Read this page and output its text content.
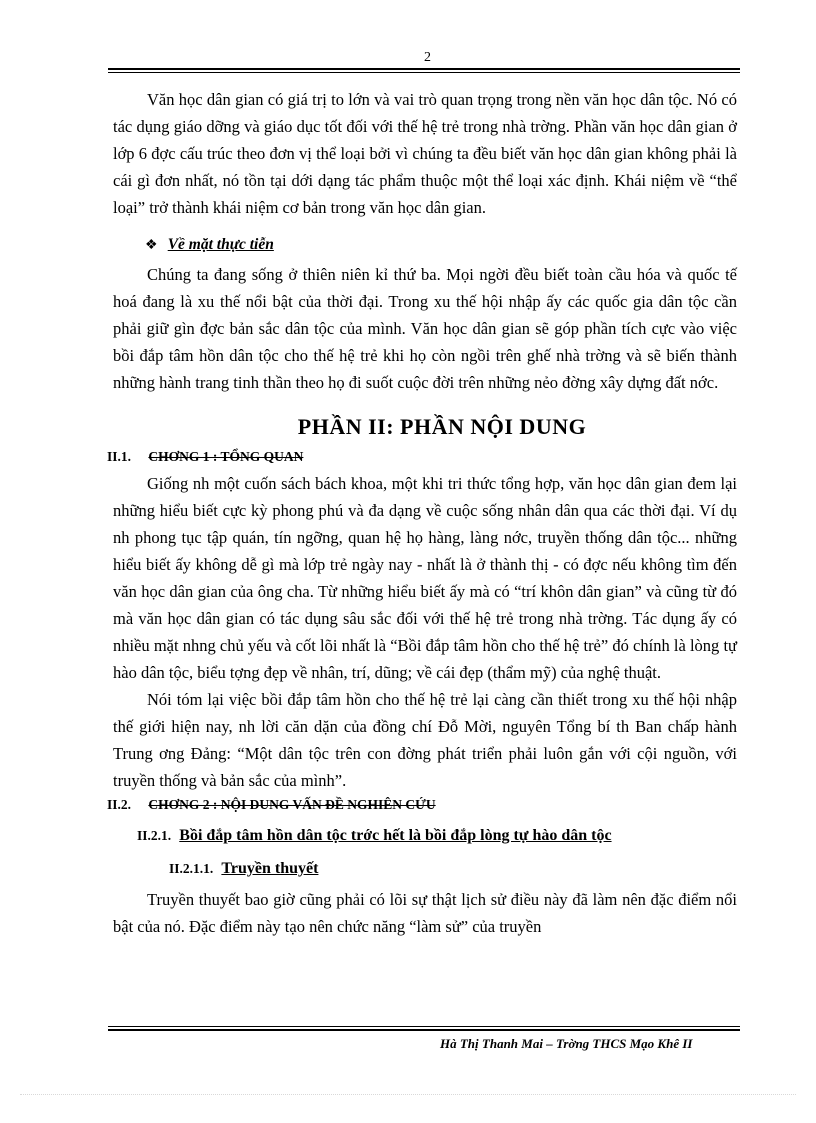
2

Văn học dân gian có giá trị to lớn và vai trò quan trọng trong nền văn học dân tộc. Nó có tác dụng giáo dỡng và giáo dục tốt đối với thế hệ trẻ trong nhà trờng. Phần văn học dân gian ở lớp 6 đợc cấu trúc theo đơn vị thể loại bởi vì chúng ta đều biết văn học dân gian không phải là cái gì đơn nhất, nó tồn tại dới dạng tác phẩm thuộc một thể loại xác định. Khái niệm về “thể loại” trở thành khái niệm cơ bản trong văn học dân gian.

❖ Về mặt thực tiễn

Chúng ta đang sống ở thiên niên kỉ thứ ba. Mọi ngời đều biết toàn cầu hóa và quốc tế hoá đang là xu thế nổi bật của thời đại. Trong xu thế hội nhập ấy các quốc gia dân tộc cần phải giữ gìn đợc bản sắc dân tộc của mình. Văn học dân gian sẽ góp phần tích cực vào việc bồi đắp tâm hồn dân tộc cho thế hệ trẻ khi họ còn ngồi trên ghế nhà trờng và sẽ biến thành những hành trang tinh thần theo họ đi suốt cuộc đời trên những nẻo đờng xây dựng đất nớc.

PHẦN II: PHẦN NỘI DUNG
II.1. CHƠNG 1 : TỔNG QUAN

Giống nh một cuốn sách bách khoa, một khi tri thức tổng hợp, văn học dân gian đem lại những hiểu biết cực kỳ phong phú và đa dạng về cuộc sống nhân dân qua các thời đại. Ví dụ nh phong tục tập quán, tín ngỡng, quan hệ họ hàng, làng nớc, truyền thống dân tộc... những hiểu biết ấy không dễ gì mà lớp trẻ ngày nay - nhất là ở thành thị - có đợc nếu không tìm đến văn học dân gian của ông cha. Từ những hiểu biết ấy mà có “trí khôn dân gian” và cũng từ đó mà văn học dân gian có tác dụng sâu sắc đối với thế hệ trẻ trong nhà trờng. Tác dụng ấy có nhiều mặt nhng chủ yếu và cốt lõi nhất là “Bồi đắp tâm hồn cho thế hệ trẻ” đó chính là lòng tự hào dân tộc, biểu tợng đẹp về nhân, trí, dũng; về cái đẹp (thẩm mỹ) của nghệ thuật.

Nói tóm lại việc bồi đắp tâm hồn cho thế hệ trẻ lại càng cần thiết trong xu thế hội nhập thế giới hiện nay, nh lời căn dặn của đồng chí Đỗ Mời, nguyên Tổng bí th Ban chấp hành Trung ơng Đảng: “Một dân tộc trên con đờng phát triển phải luôn gắn với cội nguồn, với truyền thống và bản sắc của mình”.

II.2. CHƠNG 2 : NỘI DUNG VẤN ĐỀ NGHIÊN CỨU
II.2.1. Bồi đắp tâm hồn dân tộc trớc hết là bồi đắp lòng tự hào dân tộc
II.2.1.1. Truyền thuyết

Truyền thuyết bao giờ cũng phải có lõi sự thật lịch sử điều này đã làm nên đặc điểm nổi bật của nó. Đặc điểm này tạo nên chức năng “làm sử” của truyền

Hà Thị Thanh Mai – Trờng THCS Mạo Khê II
